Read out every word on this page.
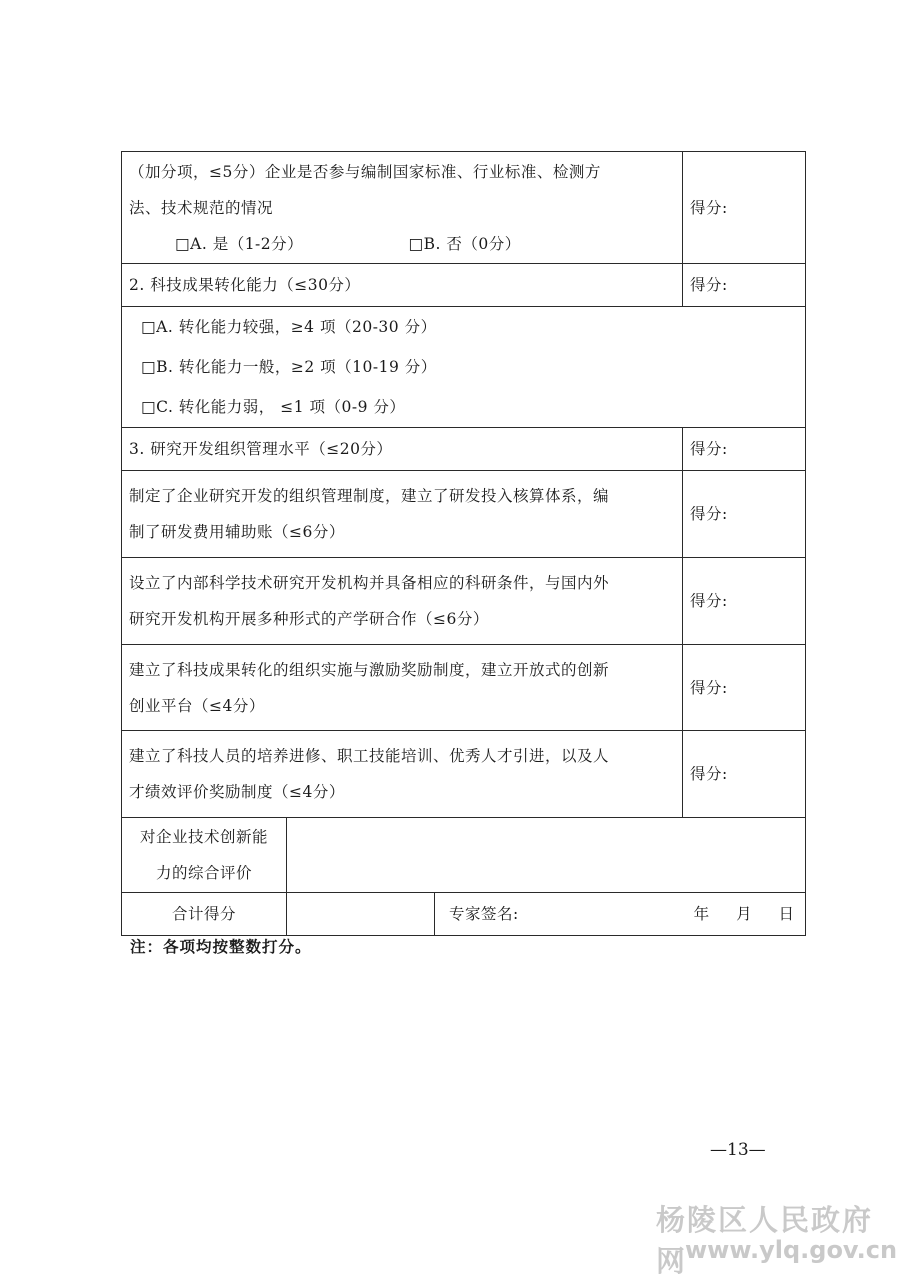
（加分项，≤5分）企业是否参与编制国家标准、行业标准、检测方
法、技术规范的情况
□A. 是（1-2分） □B. 否（0分）			得分:
2. 科技成果转化能力（≤30分）			得分:

□A. 转化能力较强，≥4 项（20-30 分）
□B. 转化能力一般，≥2 项（10-19 分）
□C. 转化能力弱， ≤1 项（0-9 分）			

3. 研究开发组织管理水平（≤20分）			得分:

制定了企业研究开发的组织管理制度，建立了研发投入核算体系，编
制了研发费用辅助账（≤6分）			得分:

设立了内部科学技术研究开发机构并具备相应的科研条件，与国内外
研究开发机构开展多种形式的产学研合作（≤6分）			得分:

建立了科技成果转化的组织实施与激励奖励制度，建立开放式的创新
创业平台（≤4分）			得分:

建立了科技人员的培养进修、职工技能培训、优秀人才引进，以及人
才绩效评价奖励制度（≤4分）			得分:

对企业技术创新能
力的综合评价			

合计得分		专家签名: 年 月 日	
注：各项均按整数打分。
—13—
杨陵区人民政府网
www.ylq.gov.cn
